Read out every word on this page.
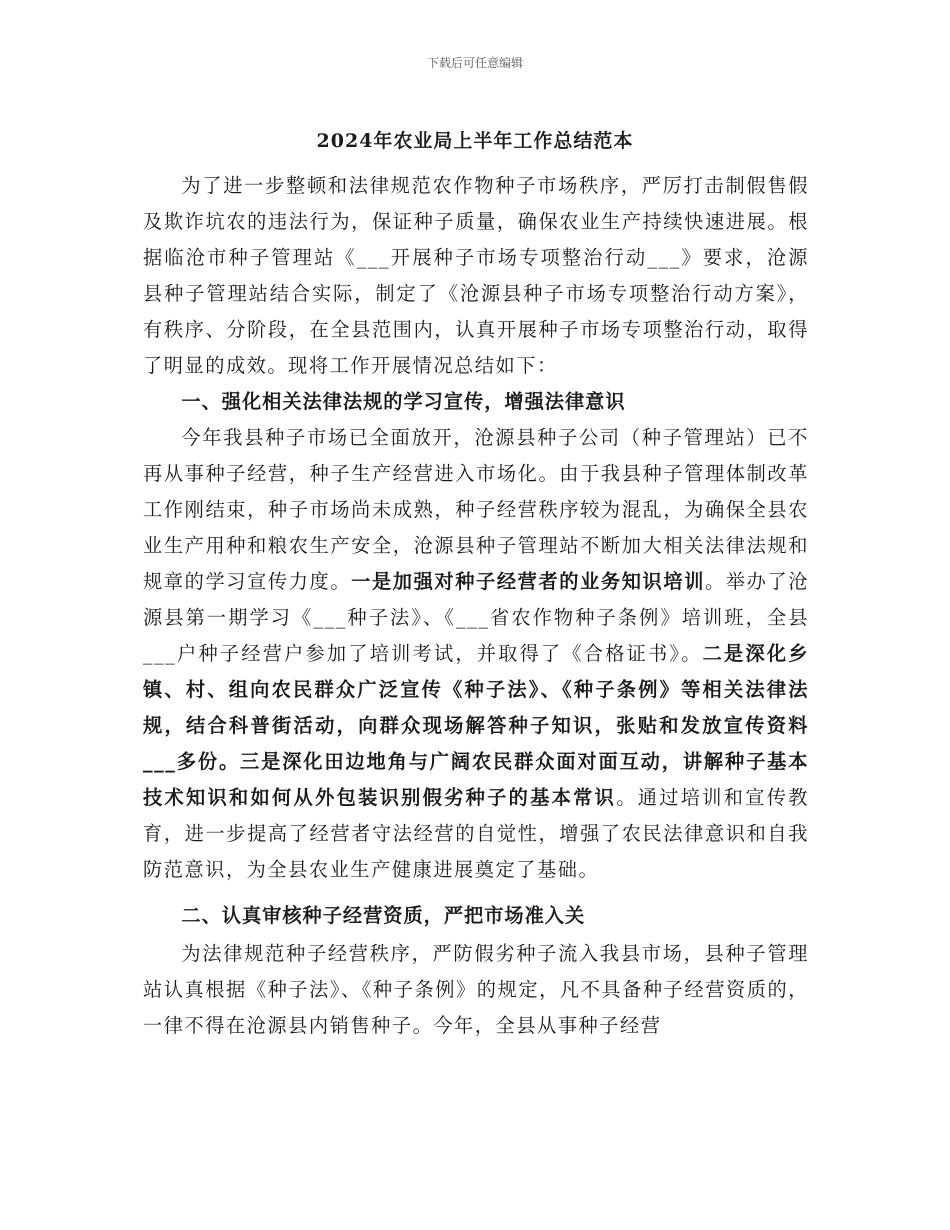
下载后可任意编辑
2024年农业局上半年工作总结范本

为了进一步整顿和法律规范农作物种子市场秩序，严厉打击制假售假及欺诈坑农的违法行为，保证种子质量，确保农业生产持续快速进展。根据临沧市种子管理站《___开展种子市场专项整治行动___》要求，沧源县种子管理站结合实际，制定了《沧源县种子市场专项整治行动方案》，有秩序、分阶段，在全县范围内，认真开展种子市场专项整治行动，取得了明显的成效。现将工作开展情况总结如下：

一、强化相关法律法规的学习宣传，增强法律意识

今年我县种子市场已全面放开，沧源县种子公司（种子管理站）已不再从事种子经营，种子生产经营进入市场化。由于我县种子管理体制改革工作刚结束，种子市场尚未成熟，种子经营秩序较为混乱，为确保全县农业生产用种和粮农生产安全，沧源县种子管理站不断加大相关法律法规和规章的学习宣传力度。一是加强对种子经营者的业务知识培训。举办了沧源县第一期学习《___种子法》、《___省农作物种子条例》培训班，全县___户种子经营户参加了培训考试，并取得了《合格证书》。二是深化乡镇、村、组向农民群众广泛宣传《种子法》、《种子条例》等相关法律法规，结合科普街活动，向群众现场解答种子知识，张贴和发放宣传资料___多份。三是深化田边地角与广阔农民群众面对面互动，讲解种子基本技术知识和如何从外包装识别假劣种子的基本常识。通过培训和宣传教育，进一步提高了经营者守法经营的自觉性，增强了农民法律意识和自我防范意识，为全县农业生产健康进展奠定了基础。

二、认真审核种子经营资质，严把市场准入关

为法律规范种子经营秩序，严防假劣种子流入我县市场，县种子管理站认真根据《种子法》、《种子条例》的规定，凡不具备种子经营资质的，一律不得在沧源县内销售种子。今年，全县从事种子经营
